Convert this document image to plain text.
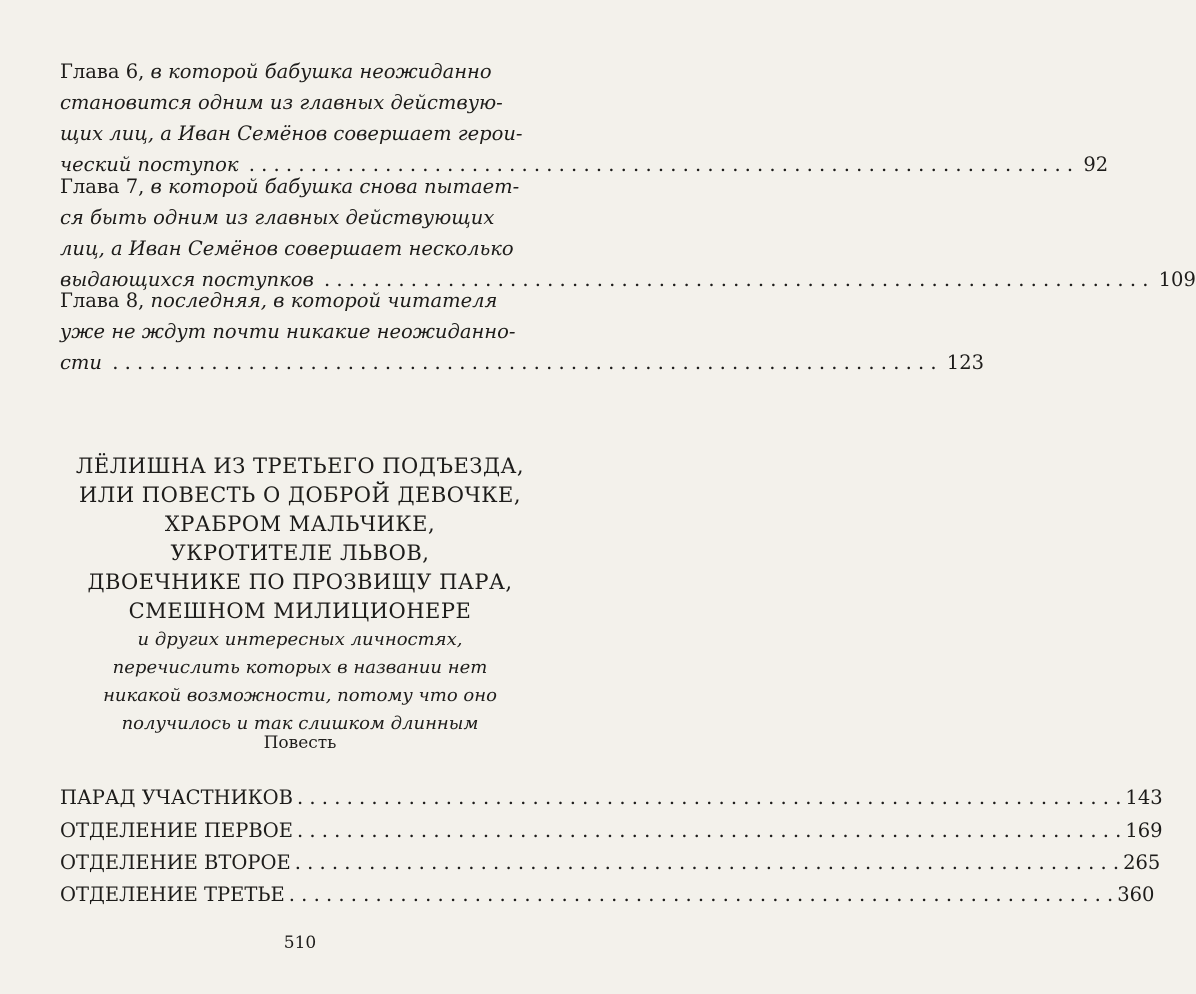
Глава 6, в которой бабушка неожиданно
становится одним из главных действую-
щих лиц, а Иван Семёнов совершает герои-
ческий поступок . . .	92
Глава 7, в которой бабушка снова пытает-
ся быть одним из главных действующих
лиц, а Иван Семёнов совершает несколько
выдающихся поступков . . .	109
Глава 8, последняя, в которой читателя
уже не ждут почти никакие неожиданно-
сти . . .	123
ЛЁЛИШНА ИЗ ТРЕТЬЕГО ПОДЪЕЗДА,
ИЛИ ПОВЕСТЬ О ДОБРОЙ ДЕВОЧКЕ,
ХРАБРОМ МАЛЬЧИКЕ,
УКРОТИТЕЛЕ ЛЬВОВ,
ДВОЕЧНИКЕ ПО ПРОЗВИЩУ ПАРА,
СМЕШНОМ МИЛИЦИОНЕРЕ
и других интересных личностях,
перечислить которых в названии нет
никакой возможности, потому что оно
получилось и так слишком длинным
Повесть
ПАРАД УЧАСТНИКОВ . . .	143
ОТДЕЛЕНИЕ ПЕРВОЕ . . .	169
ОТДЕЛЕНИЕ ВТОРОЕ . . .	265
ОТДЕЛЕНИЕ ТРЕТЬЕ . . .	360
510
